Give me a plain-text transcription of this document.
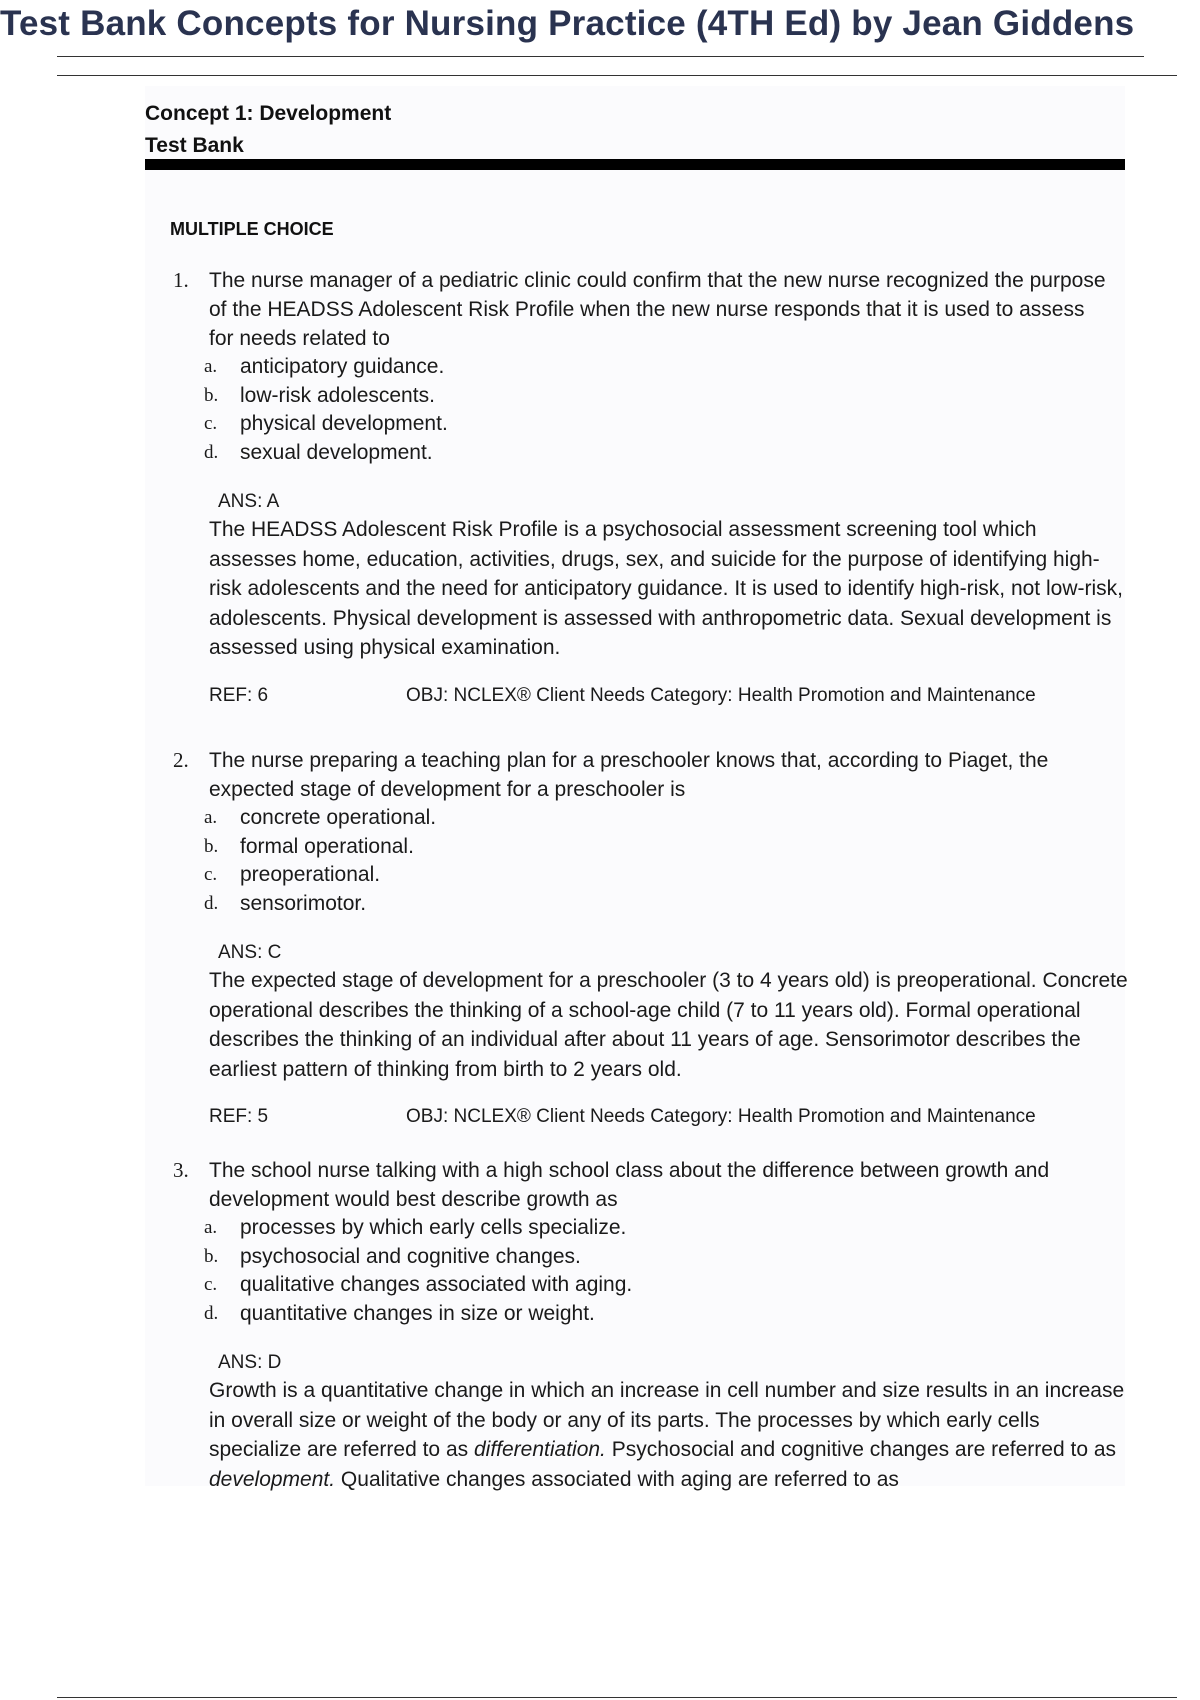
Test Bank Concepts for Nursing Practice (4TH Ed) by Jean Giddens
Concept 1: Development
Test Bank
MULTIPLE CHOICE
1. The nurse manager of a pediatric clinic could confirm that the new nurse recognized the purpose of the HEADSS Adolescent Risk Profile when the new nurse responds that it is used to assess for needs related to
a. anticipatory guidance.
b. low-risk adolescents.
c. physical development.
d. sexual development.
ANS: A
The HEADSS Adolescent Risk Profile is a psychosocial assessment screening tool which assesses home, education, activities, drugs, sex, and suicide for the purpose of identifying high-risk adolescents and the need for anticipatory guidance. It is used to identify high-risk, not low-risk, adolescents. Physical development is assessed with anthropometric data. Sexual development is assessed using physical examination.
REF: 6	OBJ: NCLEX® Client Needs Category: Health Promotion and Maintenance
2. The nurse preparing a teaching plan for a preschooler knows that, according to Piaget, the expected stage of development for a preschooler is
a. concrete operational.
b. formal operational.
c. preoperational.
d. sensorimotor.
ANS: C
The expected stage of development for a preschooler (3 to 4 years old) is preoperational. Concrete operational describes the thinking of a school-age child (7 to 11 years old). Formal operational describes the thinking of an individual after about 11 years of age. Sensorimotor describes the earliest pattern of thinking from birth to 2 years old.
REF: 5	OBJ: NCLEX® Client Needs Category: Health Promotion and Maintenance
3. The school nurse talking with a high school class about the difference between growth and development would best describe growth as
a. processes by which early cells specialize.
b. psychosocial and cognitive changes.
c. qualitative changes associated with aging.
d. quantitative changes in size or weight.
ANS: D
Growth is a quantitative change in which an increase in cell number and size results in an increase in overall size or weight of the body or any of its parts. The processes by which early cells specialize are referred to as differentiation. Psychosocial and cognitive changes are referred to as development. Qualitative changes associated with aging are referred to as
